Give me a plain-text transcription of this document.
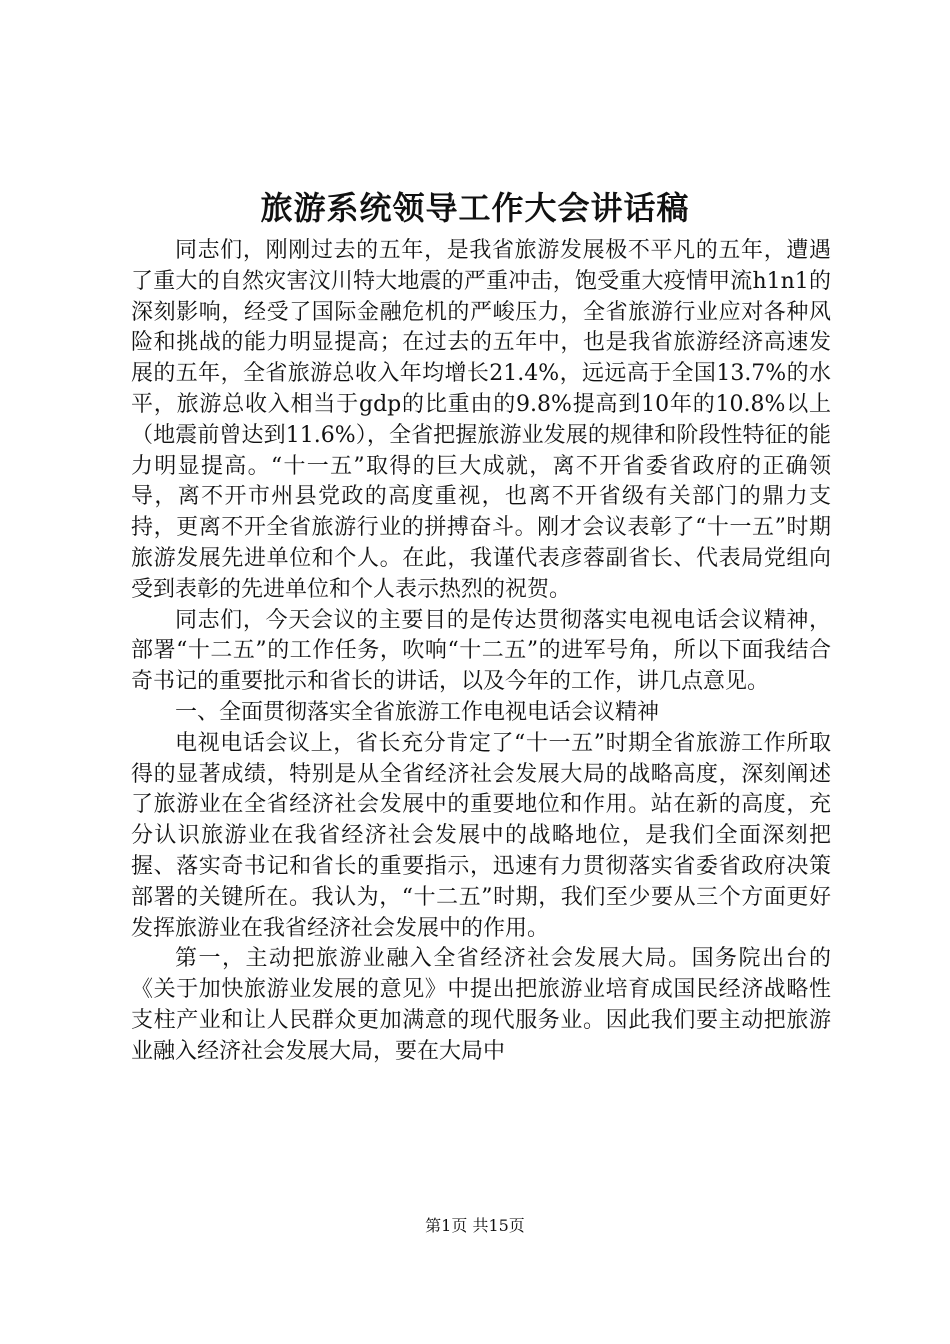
旅游系统领导工作大会讲话稿

同志们，刚刚过去的五年，是我省旅游发展极不平凡的五年，遭遇了重大的自然灾害汶川特大地震的严重冲击，饱受重大疫情甲流h1n1的深刻影响，经受了国际金融危机的严峻压力，全省旅游行业应对各种风险和挑战的能力明显提高；在过去的五年中，也是我省旅游经济高速发展的五年，全省旅游总收入年均增长21.4%，远远高于全国13.7%的水平，旅游总收入相当于gdp的比重由的9.8%提高到10年的10.8%以上（地震前曾达到11.6%），全省把握旅游业发展的规律和阶段性特征的能力明显提高。“十一五”取得的巨大成就，离不开省委省政府的正确领导，离不开市州县党政的高度重视，也离不开省级有关部门的鼎力支持，更离不开全省旅游行业的拼搏奋斗。刚才会议表彰了“十一五”时期旅游发展先进单位和个人。在此，我谨代表彦蓉副省长、代表局党组向受到表彰的先进单位和个人表示热烈的祝贺。

同志们，今天会议的主要目的是传达贯彻落实电视电话会议精神，部署“十二五”的工作任务，吹响“十二五”的进军号角，所以下面我结合奇书记的重要批示和省长的讲话，以及今年的工作，讲几点意见。

一、全面贯彻落实全省旅游工作电视电话会议精神

电视电话会议上，省长充分肯定了“十一五”时期全省旅游工作所取得的显著成绩，特别是从全省经济社会发展大局的战略高度，深刻阐述了旅游业在全省经济社会发展中的重要地位和作用。站在新的高度，充分认识旅游业在我省经济社会发展中的战略地位，是我们全面深刻把握、落实奇书记和省长的重要指示，迅速有力贯彻落实省委省政府决策部署的关键所在。我认为，“十二五”时期，我们至少要从三个方面更好发挥旅游业在我省经济社会发展中的作用。

第一，主动把旅游业融入全省经济社会发展大局。国务院出台的《关于加快旅游业发展的意见》中提出把旅游业培育成国民经济战略性支柱产业和让人民群众更加满意的现代服务业。因此我们要主动把旅游业融入经济社会发展大局，要在大局中

第1页 共15页
